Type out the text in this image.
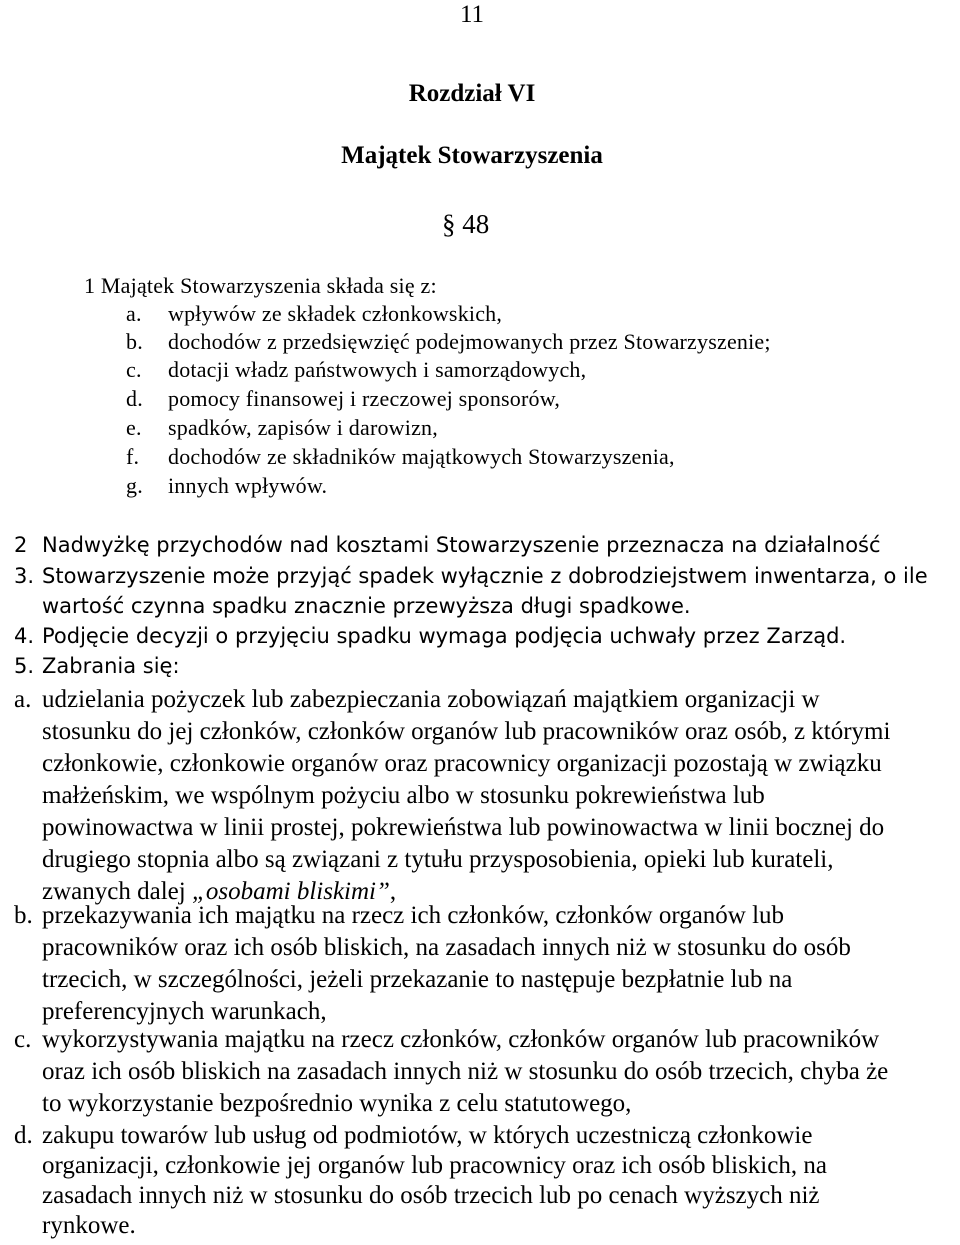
11
Rozdział VI
Majątek Stowarzyszenia
§ 48
1 Majątek Stowarzyszenia składa się z:
a. wpływów ze składek członkowskich,
b. dochodów z przedsięwzięć podejmowanych przez Stowarzyszenie;
c. dotacji władz państwowych i samorządowych,
d. pomocy finansowej i rzeczowej sponsorów,
e. spadków, zapisów i darowizn,
f. dochodów ze składników majątkowych Stowarzyszenia,
g. innych wpływów.
2 Nadwyżkę przychodów nad kosztami Stowarzyszenie przeznacza na działalność
3. Stowarzyszenie może przyjąć spadek wyłącznie z dobrodziejstwem inwentarza, o ile
wartość czynna spadku znacznie przewyższa długi spadkowe.
4. Podjęcie decyzji o przyjęciu spadku wymaga podjęcia uchwały przez Zarząd.
5. Zabrania się:
a. udzielania pożyczek lub zabezpieczania zobowiązań majątkiem organizacji w
stosunku do jej członków, członków organów lub pracowników oraz osób, z którymi
członkowie, członkowie organów oraz pracownicy organizacji pozostają w związku
małżeńskim, we wspólnym pożyciu albo w stosunku pokrewieństwa lub
powinowactwa w linii prostej, pokrewieństwa lub powinowactwa w linii bocznej do
drugiego stopnia albo są związani z tytułu przysposobienia, opieki lub kurateli,
zwanych dalej „osobami bliskimi”,
b. przekazywania ich majątku na rzecz ich członków, członków organów lub
pracowników oraz ich osób bliskich, na zasadach innych niż w stosunku do osób
trzecich, w szczególności, jeżeli przekazanie to następuje bezpłatnie lub na
preferencyjnych warunkach,
c. wykorzystywania majątku na rzecz członków, członków organów lub pracowników
oraz ich osób bliskich na zasadach innych niż w stosunku do osób trzecich, chyba że
to wykorzystanie bezpośrednio wynika z celu statutowego,
d. zakupu towarów lub usług od podmiotów, w których uczestniczą członkowie
organizacji, członkowie jej organów lub pracownicy oraz ich osób bliskich, na
zasadach innych niż w stosunku do osób trzecich lub po cenach wyższych niż
rynkowe.
